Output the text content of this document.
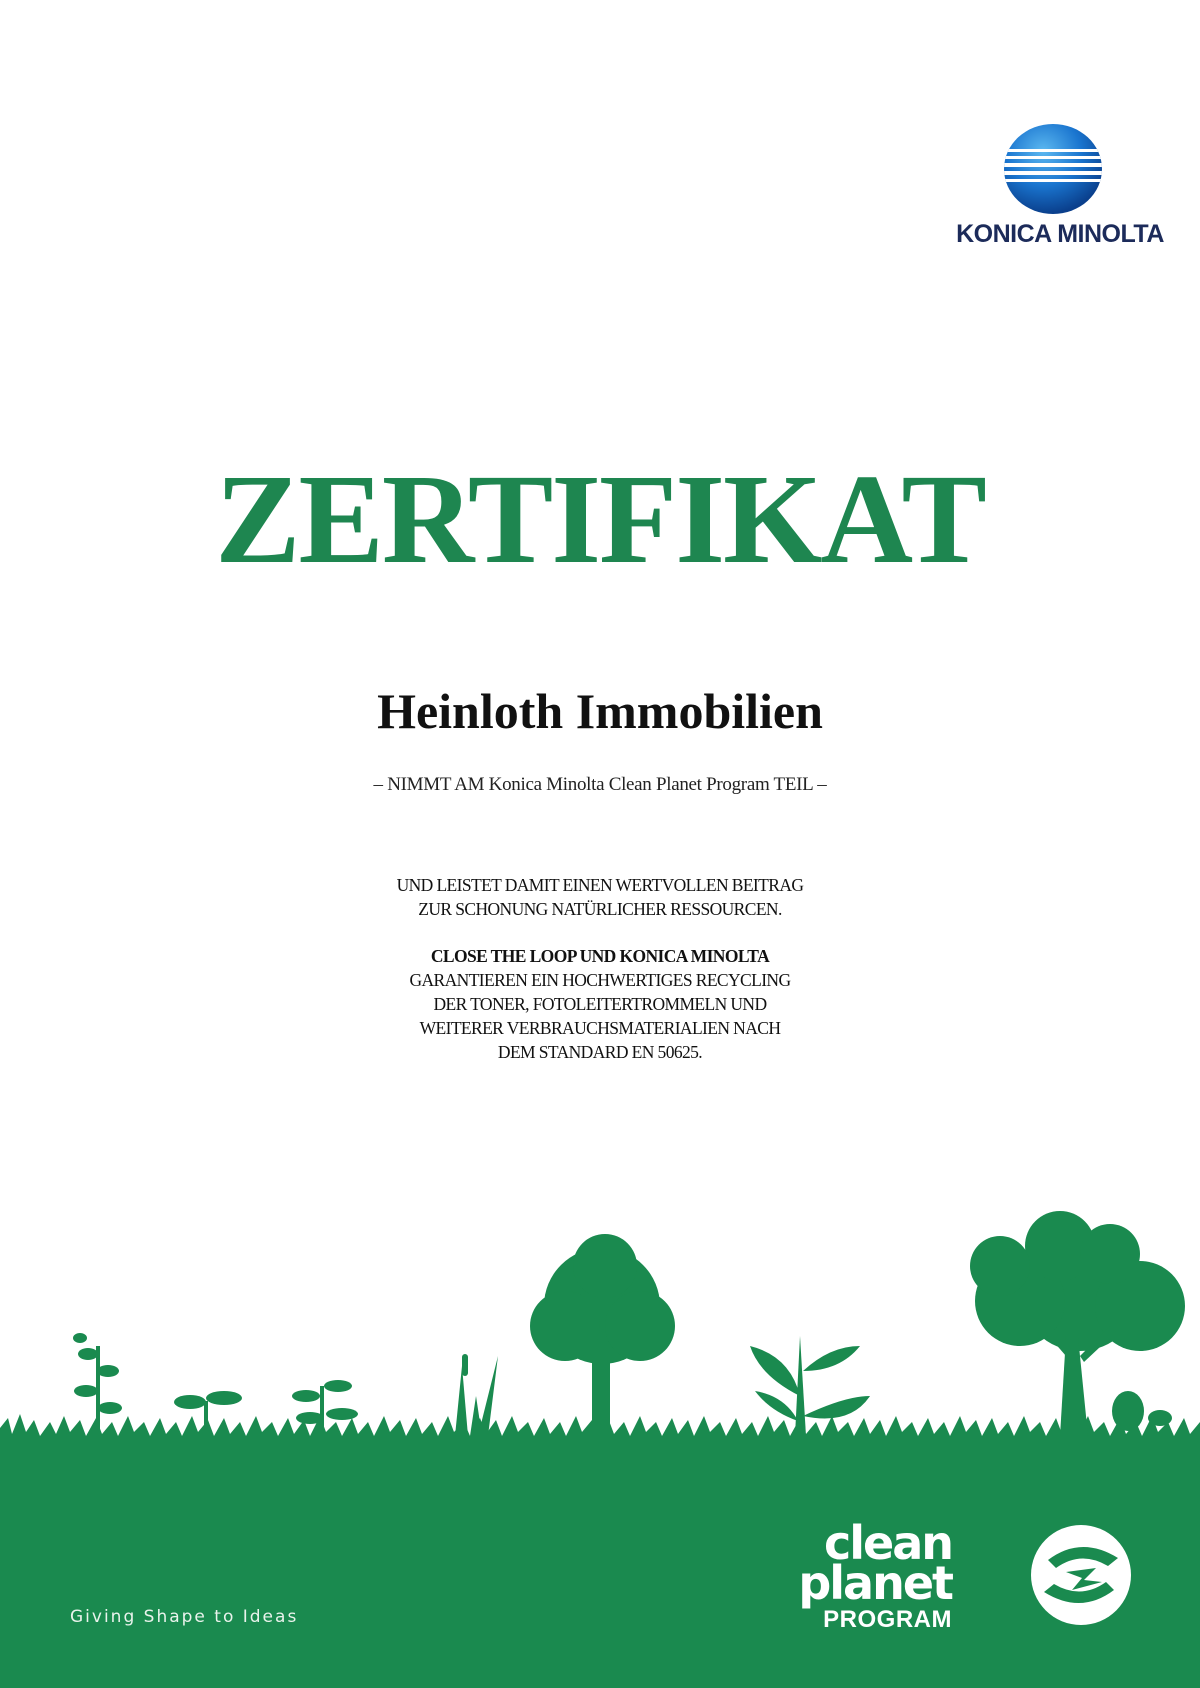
KONICA MINOLTA
ZERTIFIKAT
Heinloth Immobilien
– NIMMT AM Konica Minolta Clean Planet Program TEIL –
UND LEISTET DAMIT EINEN WERTVOLLEN BEITRAG
ZUR SCHONUNG NATÜRLICHER RESSOURCEN.
CLOSE THE LOOP UND KONICA MINOLTA
GARANTIEREN EIN HOCHWERTIGES RECYCLING
DER TONER, FOTOLEITERTROMMELN UND
WEITERER VERBRAUCHSMATERIALIEN NACH
DEM STANDARD EN 50625.
Giving Shape to Ideas
clean
planet
PROGRAM
